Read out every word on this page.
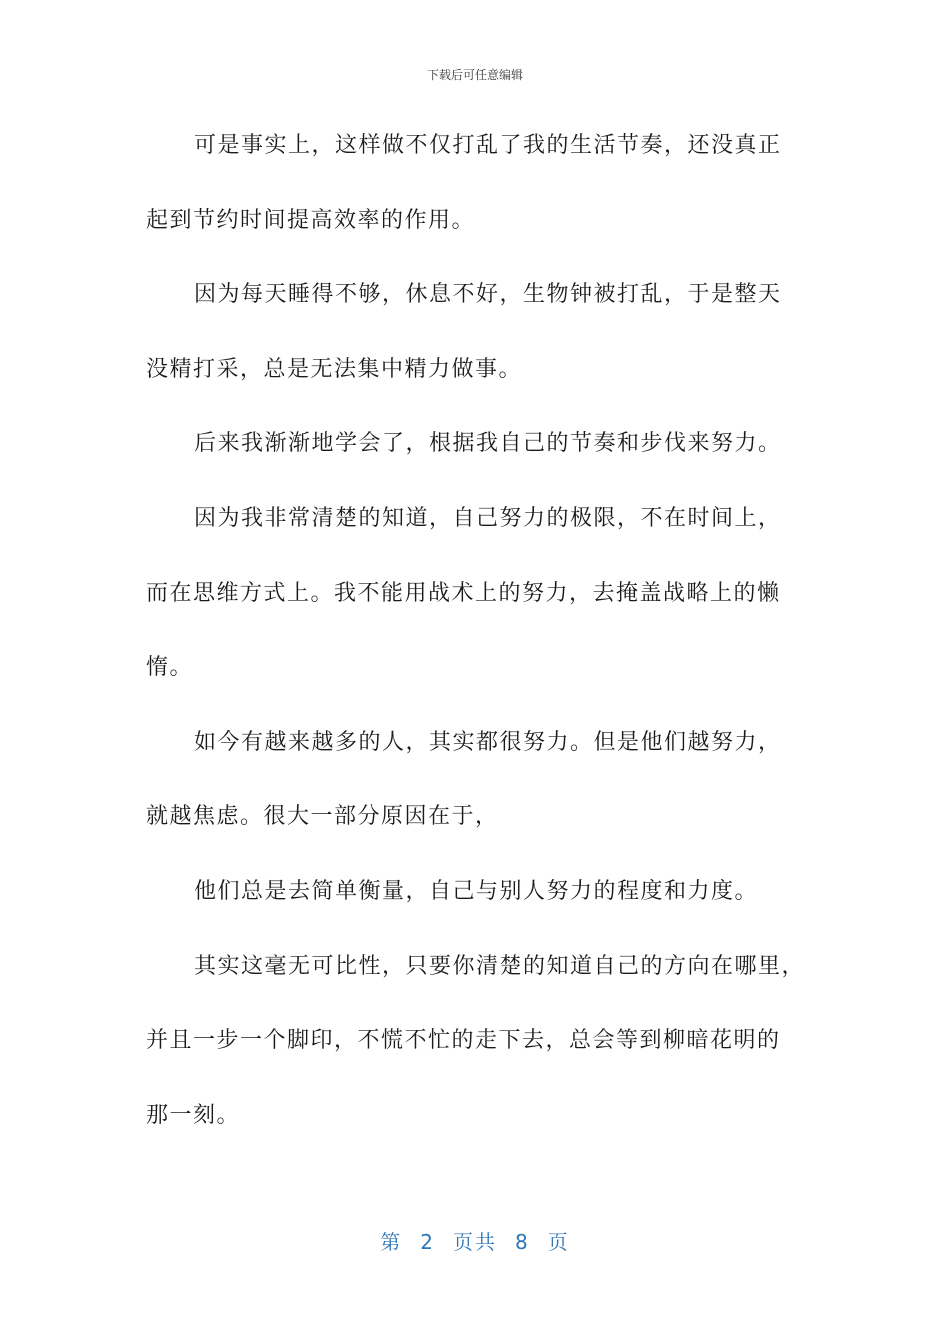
下载后可任意编辑
可是事实上，这样做不仅打乱了我的生活节奏，还没真正
起到节约时间提高效率的作用。
因为每天睡得不够，休息不好，生物钟被打乱，于是整天
没精打采，总是无法集中精力做事。
后来我渐渐地学会了，根据我自己的节奏和步伐来努力。
因为我非常清楚的知道，自己努力的极限，不在时间上，
而在思维方式上。我不能用战术上的努力，去掩盖战略上的懒
惰。
如今有越来越多的人，其实都很努力。但是他们越努力，
就越焦虑。很大一部分原因在于，
他们总是去简单衡量，自己与别人努力的程度和力度。
其实这毫无可比性，只要你清楚的知道自己的方向在哪里，
并且一步一个脚印，不慌不忙的走下去，总会等到柳暗花明的
那一刻。
第 2 页共 8 页
